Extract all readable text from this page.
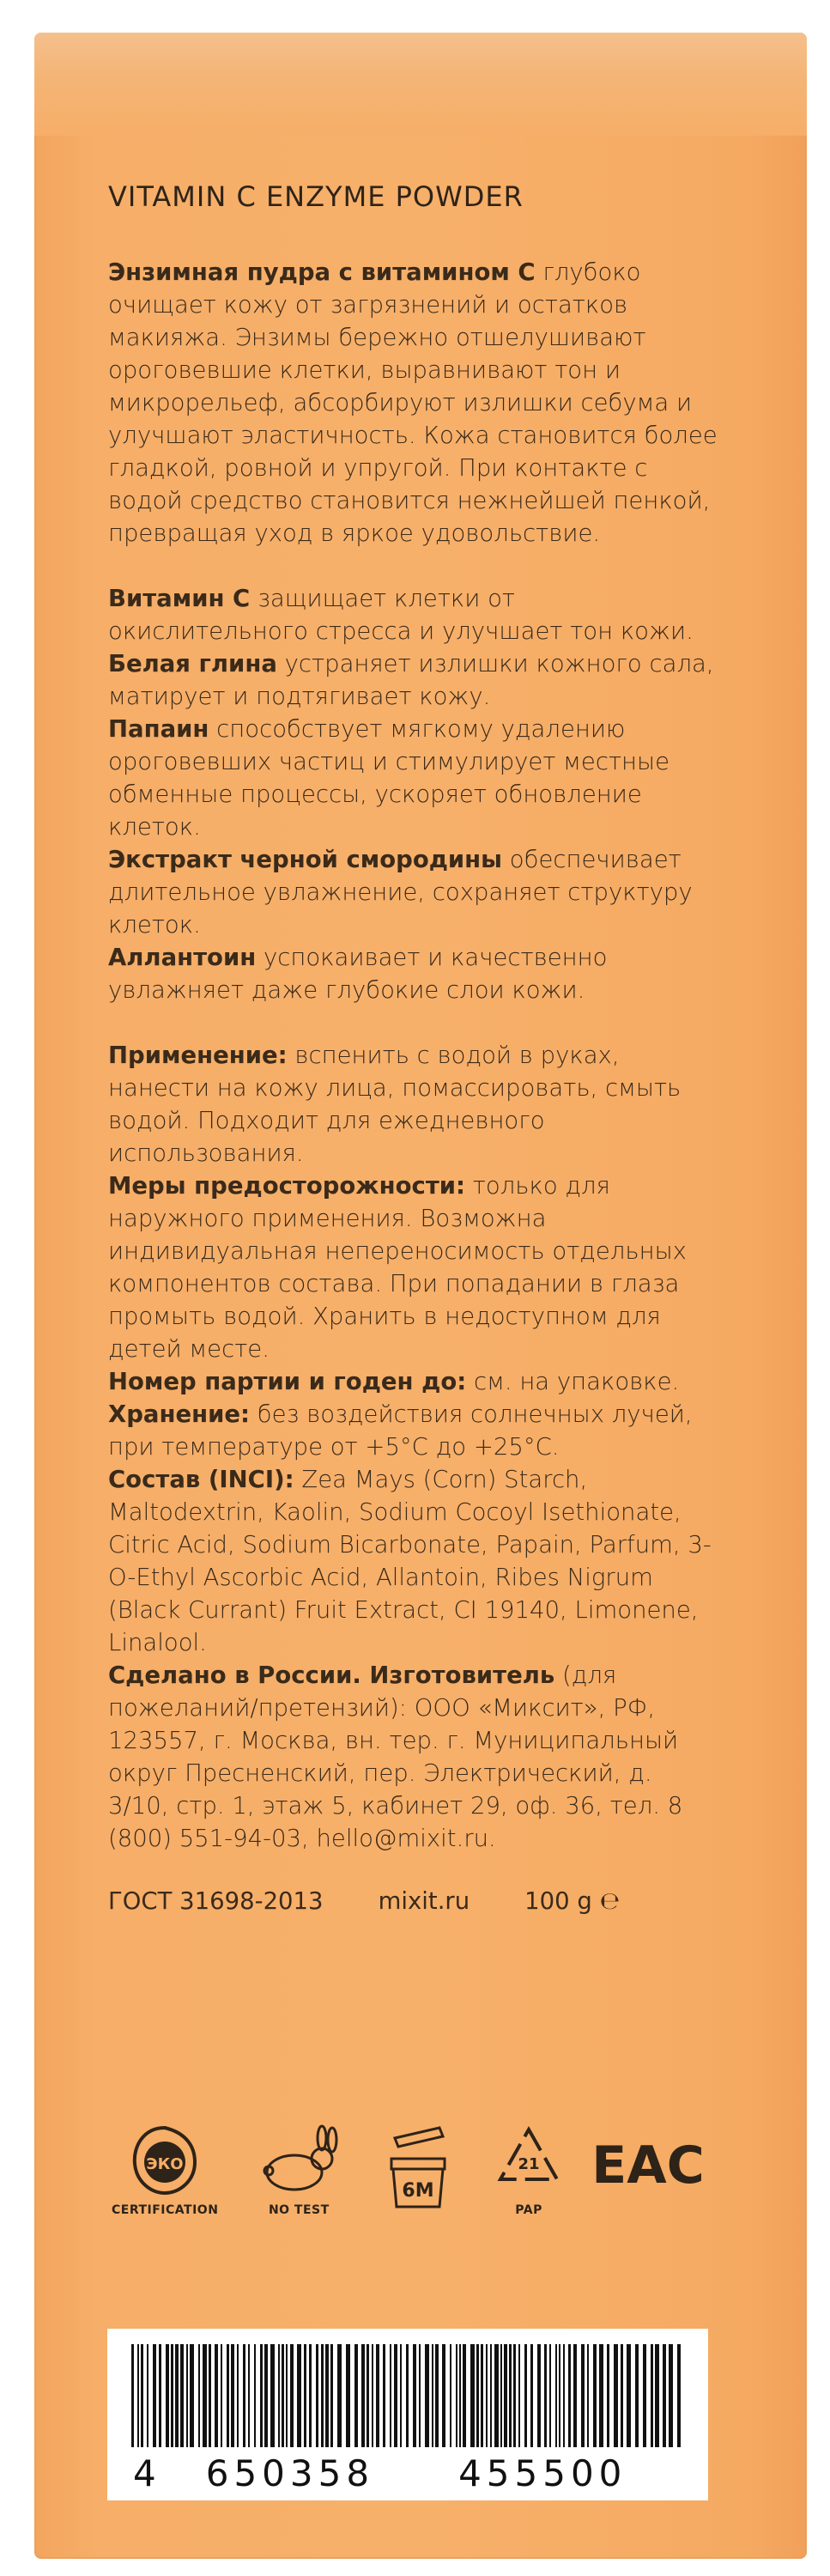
VITAMIN C ENZYME POWDER

Энзимная пудра с витамином С глубоко очищает кожу от загрязнений и остатков макияжа. Энзимы бережно отшелушивают ороговевшие клетки, выравнивают тон и микрорельеф, абсорбируют излишки себума и улучшают эластичность. Кожа становится более гладкой, ровной и упругой. При контакте с водой средство становится нежнейшей пенкой, превращая уход в яркое удовольствие.

Витамин С защищает клетки от окислительного стресса и улучшает тон кожи.

Белая глина устраняет излишки кожного сала, матирует и подтягивает кожу.

Папаин способствует мягкому удалению ороговевших частиц и стимулирует местные обменные процессы, ускоряет обновление клеток.

Экстракт черной смородины обеспечивает длительное увлажнение, сохраняет структуру клеток.

Аллантоин успокаивает и качественно увлажняет даже глубокие слои кожи.

Применение: вспенить с водой в руках, нанести на кожу лица, помассировать, смыть водой. Подходит для ежедневного использования.

Меры предосторожности: только для наружного применения. Возможна индивидуальная непереносимость отдельных компонентов состава. При попадании в глаза промыть водой. Хранить в недоступном для детей месте.

Номер партии и годен до: см. на упаковке.

Хранение: без воздействия солнечных лучей, при температуре от +5°С до +25°С.

Состав (INCI): Zea Mays (Corn) Starch, Maltodextrin, Kaolin, Sodium Cocoyl Isethionate, Citric Acid, Sodium Bicarbonate, Papain, Parfum, 3-O-Ethyl Ascorbic Acid, Allantoin, Ribes Nigrum (Black Currant) Fruit Extract, CI 19140, Limonene, Linalool.

Сделано в России. Изготовитель (для пожеланий/претензий): ООО «Миксит», РФ, 123557, г. Москва, вн. тер. г. Муниципальный округ Пресненский, пер. Электрический, д. 3/10, стр. 1, этаж 5, кабинет 29, оф. 36, тел. 8 (800) 551-94-03, hello@mixit.ru.

ГОСТ 31698-2013 mixit.ru 100 g ℮
ЭКО
CERTIFICATION	NO TEST
6M
21
PAP
EAC
4 650358 455500
